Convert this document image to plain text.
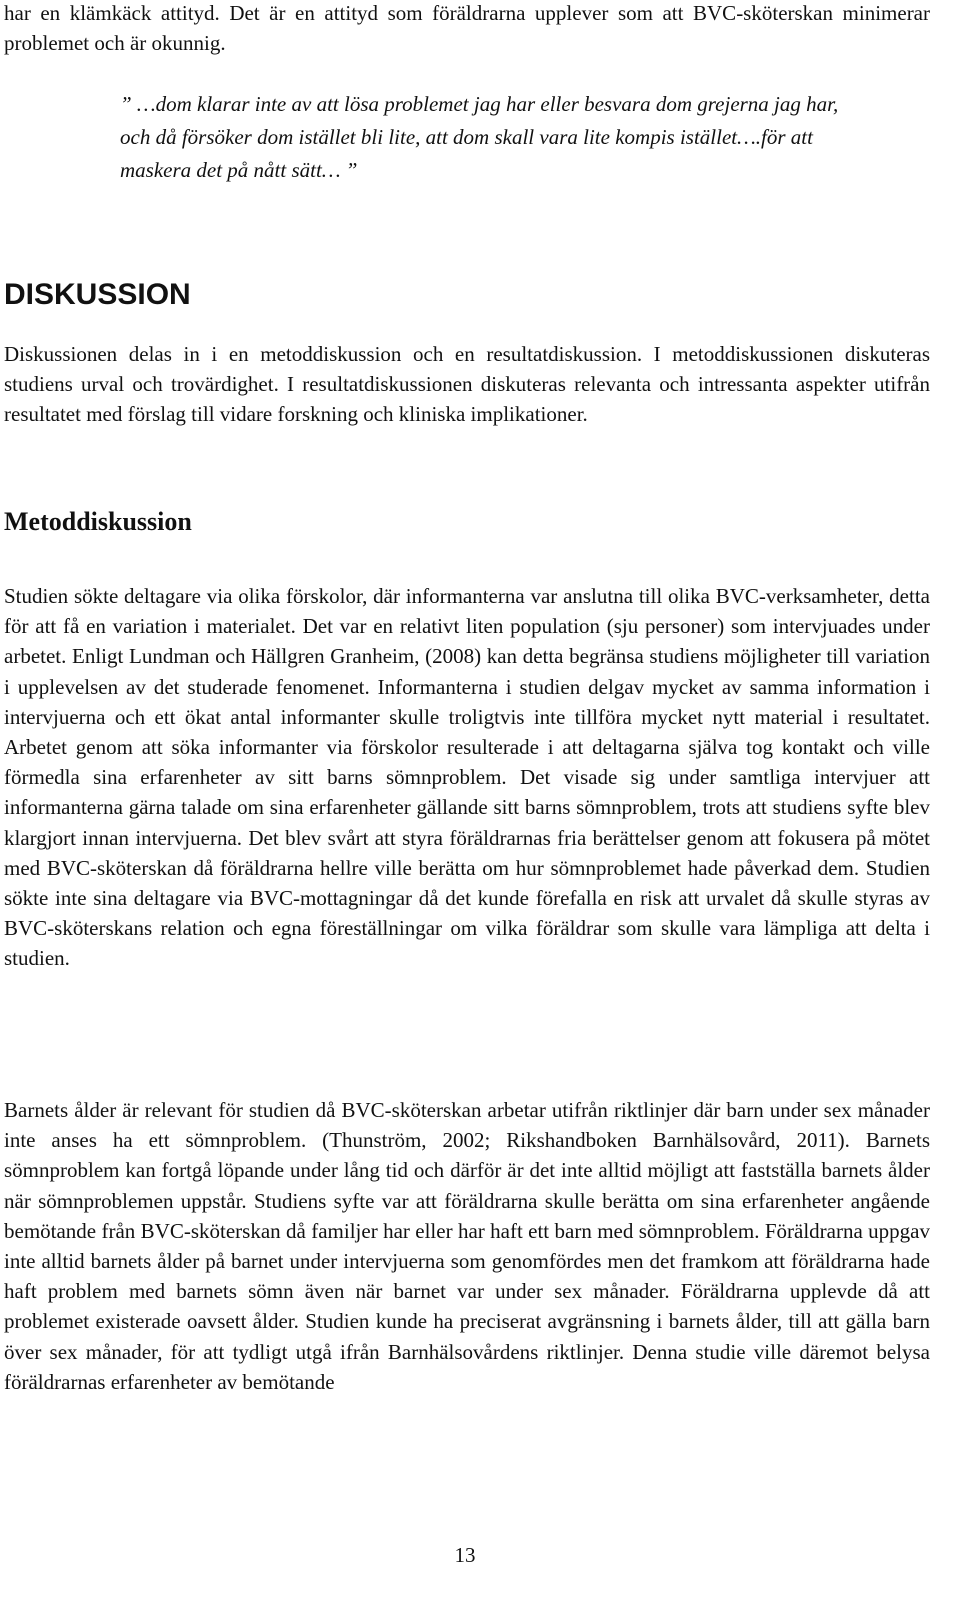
har en klämkäck attityd. Det är en attityd som föräldrarna upplever som att BVC-sköterskan minimerar problemet och är okunnig.

” …dom klarar inte av att lösa problemet jag har eller besvara dom grejerna jag har, och då försöker dom istället bli lite, att dom skall vara lite kompis istället….för att maskera det på nått sätt… ”

DISKUSSION

Diskussionen delas in i en metoddiskussion och en resultatdiskussion. I metoddiskussionen diskuteras studiens urval och trovärdighet. I resultatdiskussionen diskuteras relevanta och intressanta aspekter utifrån resultatet med förslag till vidare forskning och kliniska implikationer.

Metoddiskussion

Studien sökte deltagare via olika förskolor, där informanterna var anslutna till olika BVC-verksamheter, detta för att få en variation i materialet. Det var en relativt liten population (sju personer) som intervjuades under arbetet. Enligt Lundman och Hällgren Granheim, (2008) kan detta begränsa studiens möjligheter till variation i upplevelsen av det studerade fenomenet. Informanterna i studien delgav mycket av samma information i intervjuerna och ett ökat antal informanter skulle troligtvis inte tillföra mycket nytt material i resultatet. Arbetet genom att söka informanter via förskolor resulterade i att deltagarna själva tog kontakt och ville förmedla sina erfarenheter av sitt barns sömnproblem. Det visade sig under samtliga intervjuer att informanterna gärna talade om sina erfarenheter gällande sitt barns sömnproblem, trots att studiens syfte blev klargjort innan intervjuerna. Det blev svårt att styra föräldrarnas fria berättelser genom att fokusera på mötet med BVC-sköterskan då föräldrarna hellre ville berätta om hur sömnproblemet hade påverkad dem. Studien sökte inte sina deltagare via BVC-mottagningar då det kunde förefalla en risk att urvalet då skulle styras av BVC-sköterskans relation och egna föreställningar om vilka föräldrar som skulle vara lämpliga att delta i studien.

Barnets ålder är relevant för studien då BVC-sköterskan arbetar utifrån riktlinjer där barn under sex månader inte anses ha ett sömnproblem. (Thunström, 2002; Rikshandboken Barnhälsovård, 2011). Barnets sömnproblem kan fortgå löpande under lång tid och därför är det inte alltid möjligt att fastställa barnets ålder när sömnproblemen uppstår. Studiens syfte var att föräldrarna skulle berätta om sina erfarenheter angående bemötande från BVC-sköterskan då familjer har eller har haft ett barn med sömnproblem. Föräldrarna uppgav inte alltid barnets ålder på barnet under intervjuerna som genomfördes men det framkom att föräldrarna hade haft problem med barnets sömn även när barnet var under sex månader. Föräldrarna upplevde då att problemet existerade oavsett ålder. Studien kunde ha preciserat avgränsning i barnets ålder, till att gälla barn över sex månader, för att tydligt utgå ifrån Barnhälsovårdens riktlinjer. Denna studie ville däremot belysa föräldrarnas erfarenheter av bemötande

13
